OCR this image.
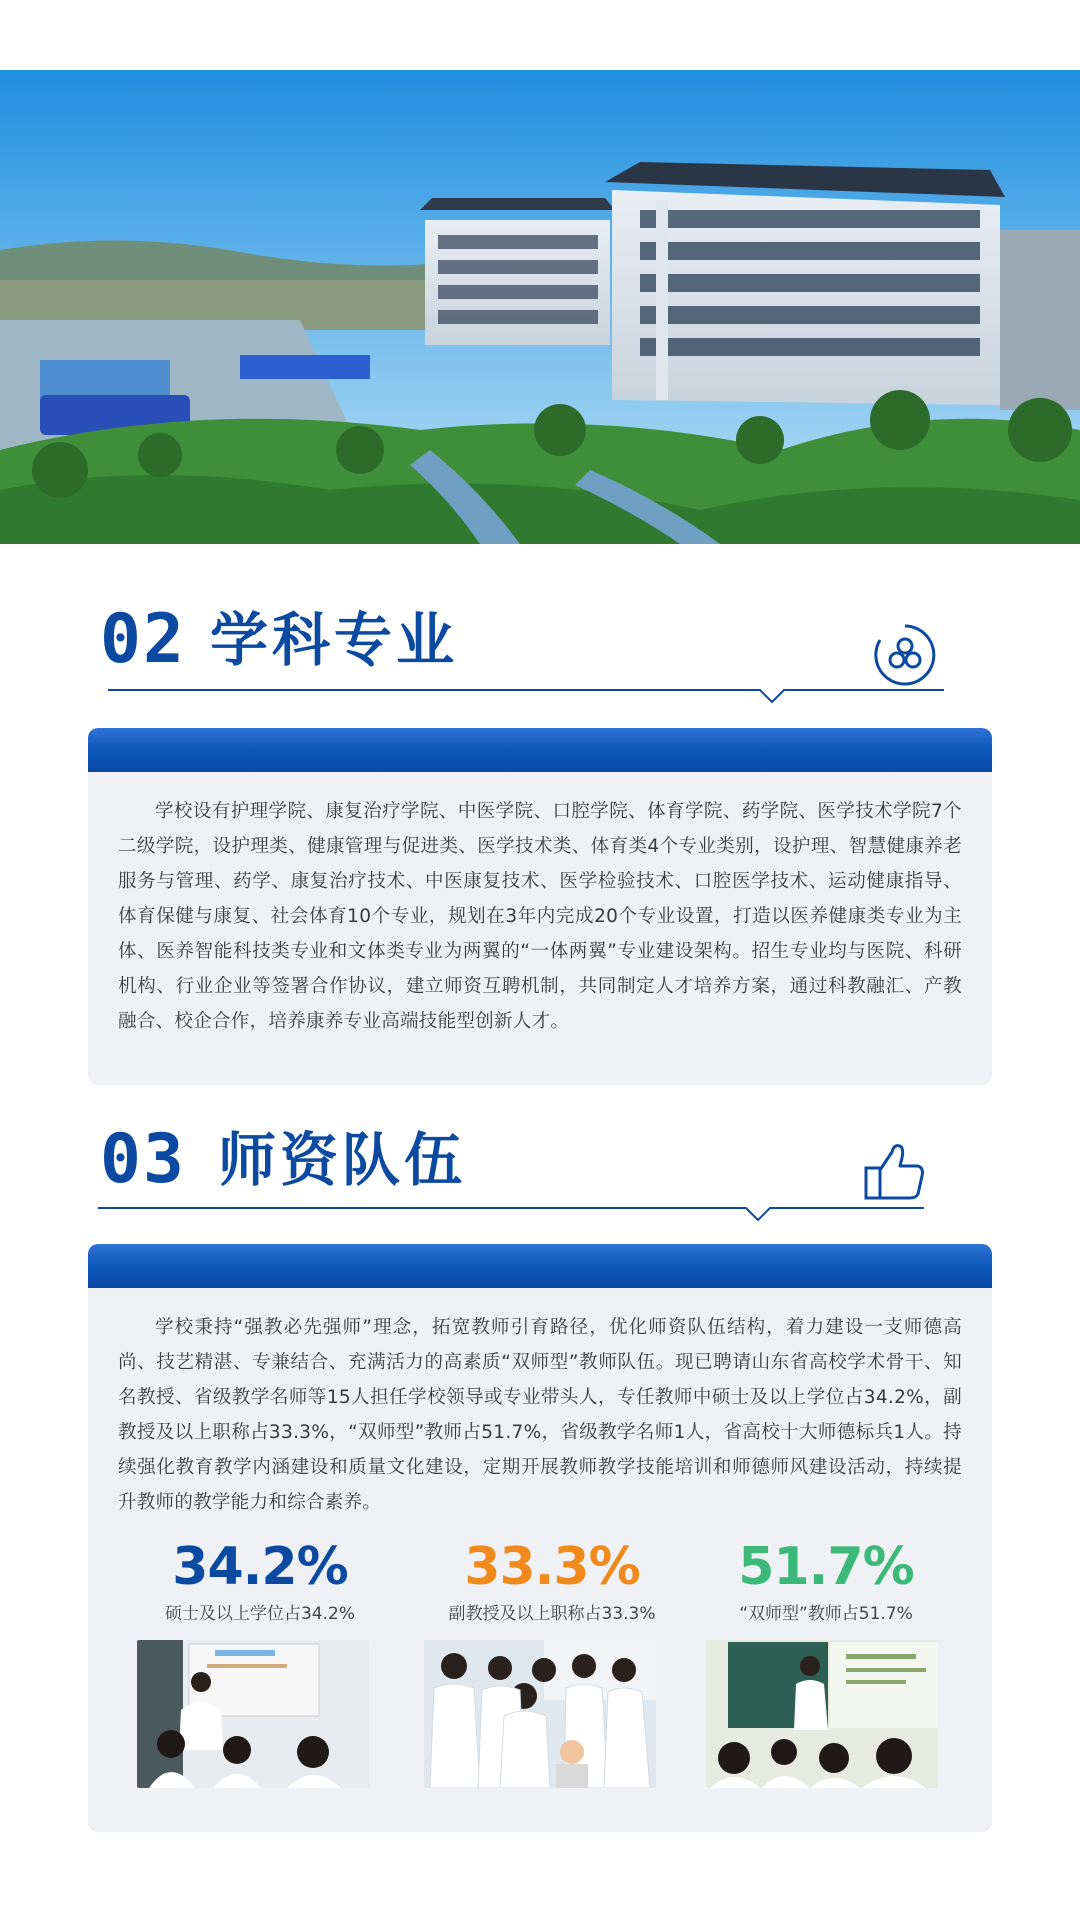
02 学科专业
学校设有护理学院、康复治疗学院、中医学院、口腔学院、体育学院、药学院、医学技术学院7个二级学院，设护理类、健康管理与促进类、医学技术类、体育类4个专业类别，设护理、智慧健康养老服务与管理、药学、康复治疗技术、中医康复技术、医学检验技术、口腔医学技术、运动健康指导、体育保健与康复、社会体育10个专业，规划在3年内完成20个专业设置，打造以医养健康类专业为主体、医养智能科技类专业和文体类专业为两翼的“一体两翼”专业建设架构。招生专业均与医院、科研机构、行业企业等签署合作协议，建立师资互聘机制，共同制定人才培养方案，通过科教融汇、产教融合、校企合作，培养康养专业高端技能型创新人才。
03 师资队伍
学校秉持“强教必先强师”理念，拓宽教师引育路径，优化师资队伍结构，着力建设一支师德高尚、技艺精湛、专兼结合、充满活力的高素质“双师型”教师队伍。现已聘请山东省高校学术骨干、知名教授、省级教学名师等15人担任学校领导或专业带头人，专任教师中硕士及以上学位占34.2%，副教授及以上职称占33.3%，“双师型”教师占51.7%，省级教学名师1人，省高校十大师德标兵1人。持续强化教育教学内涵建设和质量文化建设，定期开展教师教学技能培训和师德师风建设活动，持续提升教师的教学能力和综合素养。
34.2%
硕士及以上学位占34.2%
33.3%
副教授及以上职称占33.3%
51.7%
“双师型”教师占51.7%
